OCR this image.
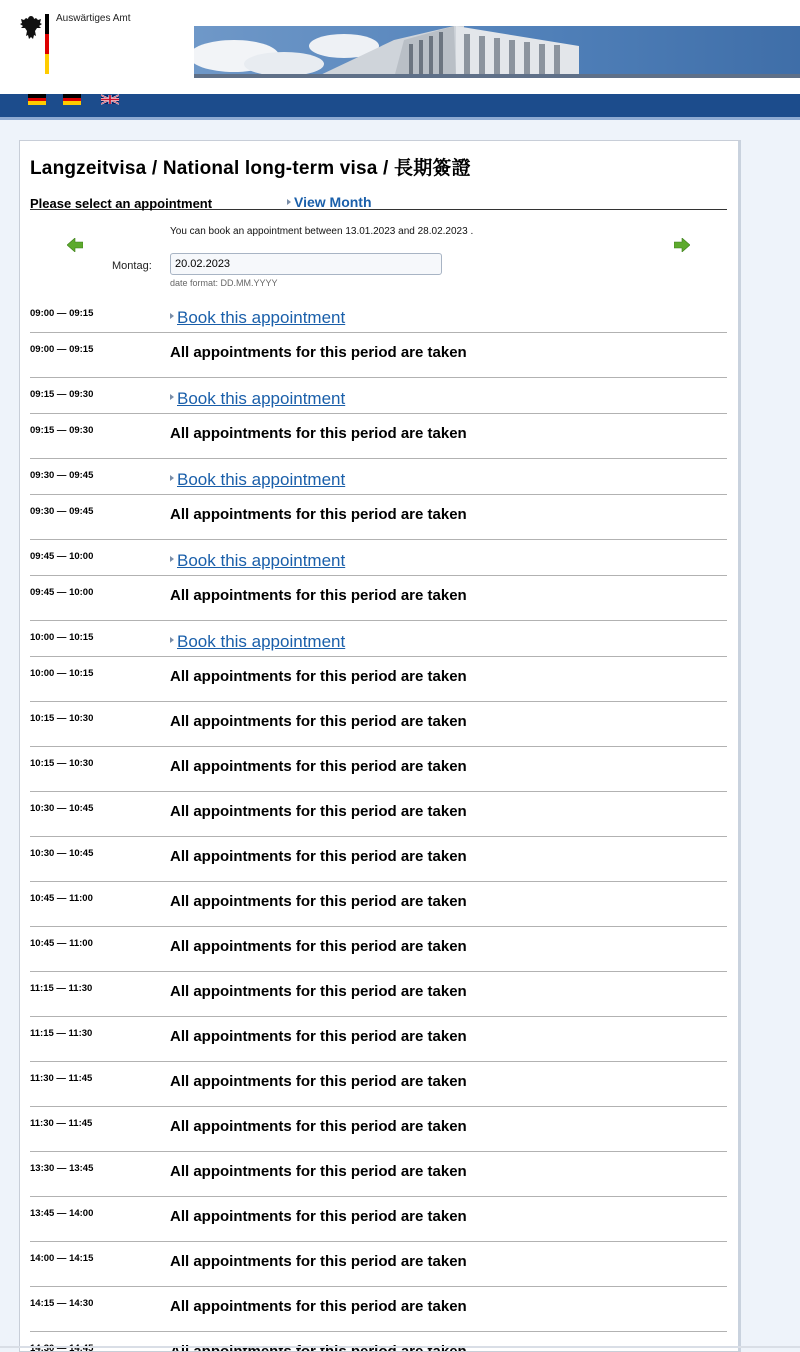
Auswärtiges Amt
Langzeitvisa / National long-term visa / 長期簽證
Please select an appointment	View Month
You can book an appointment between 13.01.2023 and 28.02.2023 .
Montag:
20.02.2023
date format: DD.MM.YYYY
09:00 — 09:15	Book this appointment
09:00 — 09:15	All appointments for this period are taken
09:15 — 09:30	Book this appointment
09:15 — 09:30	All appointments for this period are taken
09:30 — 09:45	Book this appointment
09:30 — 09:45	All appointments for this period are taken
09:45 — 10:00	Book this appointment
09:45 — 10:00	All appointments for this period are taken
10:00 — 10:15	Book this appointment
10:00 — 10:15	All appointments for this period are taken
10:15 — 10:30	All appointments for this period are taken
10:15 — 10:30	All appointments for this period are taken
10:30 — 10:45	All appointments for this period are taken
10:30 — 10:45	All appointments for this period are taken
10:45 — 11:00	All appointments for this period are taken
10:45 — 11:00	All appointments for this period are taken
11:15 — 11:30	All appointments for this period are taken
11:15 — 11:30	All appointments for this period are taken
11:30 — 11:45	All appointments for this period are taken
11:30 — 11:45	All appointments for this period are taken
13:30 — 13:45	All appointments for this period are taken
13:45 — 14:00	All appointments for this period are taken
14:00 — 14:15	All appointments for this period are taken
14:15 — 14:30	All appointments for this period are taken
